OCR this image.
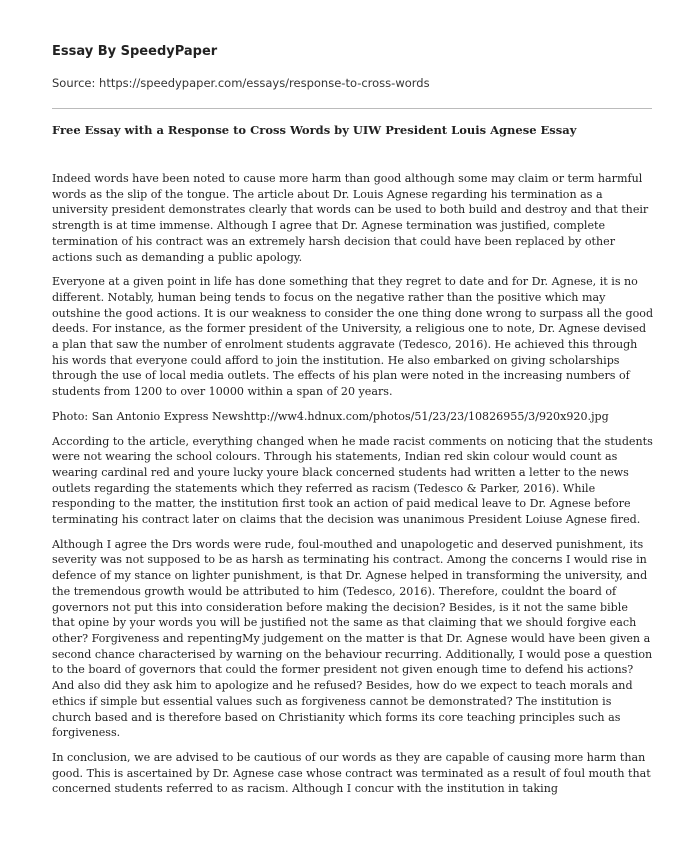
Essay By SpeedyPaper
Source: https://speedypaper.com/essays/response-to-cross-words
Free Essay with a Response to Cross Words by UIW President Louis Agnese Essay

Indeed words have been noted to cause more harm than good although some may claim or term harmful words as the slip of the tongue. The article about Dr. Louis Agnese regarding his termination as a university president demonstrates clearly that words can be used to both build and destroy and that their strength is at time immense. Although I agree that Dr. Agnese termination was justified, complete termination of his contract was an extremely harsh decision that could have been replaced by other actions such as demanding a public apology.

Everyone at a given point in life has done something that they regret to date and for Dr. Agnese, it is no different. Notably, human being tends to focus on the negative rather than the positive which may outshine the good actions. It is our weakness to consider the one thing done wrong to surpass all the good deeds. For instance, as the former president of the University, a religious one to note, Dr. Agnese devised a plan that saw the number of enrolment students aggravate (Tedesco, 2016). He achieved this through his words that everyone could afford to join the institution. He also embarked on giving scholarships through the use of local media outlets. The effects of his plan were noted in the increasing numbers of students from 1200 to over 10000 within a span of 20 years.

Photo: San Antonio Express Newshttp://ww4.hdnux.com/photos/51/23/23/10826955/3/920x920.jpg

According to the article, everything changed when he made racist comments on noticing that the students were not wearing the school colours. Through his statements, Indian red skin colour would count as wearing cardinal red and youre lucky youre black concerned students had written a letter to the news outlets regarding the statements which they referred as racism (Tedesco & Parker, 2016). While responding to the matter, the institution first took an action of paid medical leave to Dr. Agnese before terminating his contract later on claims that the decision was unanimous President Loiuse Agnese fired.

Although I agree the Drs words were rude, foul-mouthed and unapologetic and deserved punishment, its severity was not supposed to be as harsh as terminating his contract. Among the concerns I would rise in defence of my stance on lighter punishment, is that Dr. Agnese helped in transforming the university, and the tremendous growth would be attributed to him (Tedesco, 2016). Therefore, couldnt the board of governors not put this into consideration before making the decision? Besides, is it not the same bible that opine by your words you will be justified not the same as that claiming that we should forgive each other? Forgiveness and repentingMy judgement on the matter is that Dr. Agnese would have been given a second chance characterised by warning on the behaviour recurring. Additionally, I would pose a question to the board of governors that could the former president not given enough time to defend his actions? And also did they ask him to apologize and he refused? Besides, how do we expect to teach morals and ethics if simple but essential values such as forgiveness cannot be demonstrated? The institution is church based and is therefore based on Christianity which forms its core teaching principles such as forgiveness.

In conclusion, we are advised to be cautious of our words as they are capable of causing more harm than good. This is ascertained by Dr. Agnese case whose contract was terminated as a result of foul mouth that concerned students referred to as racism. Although I concur with the institution in taking
